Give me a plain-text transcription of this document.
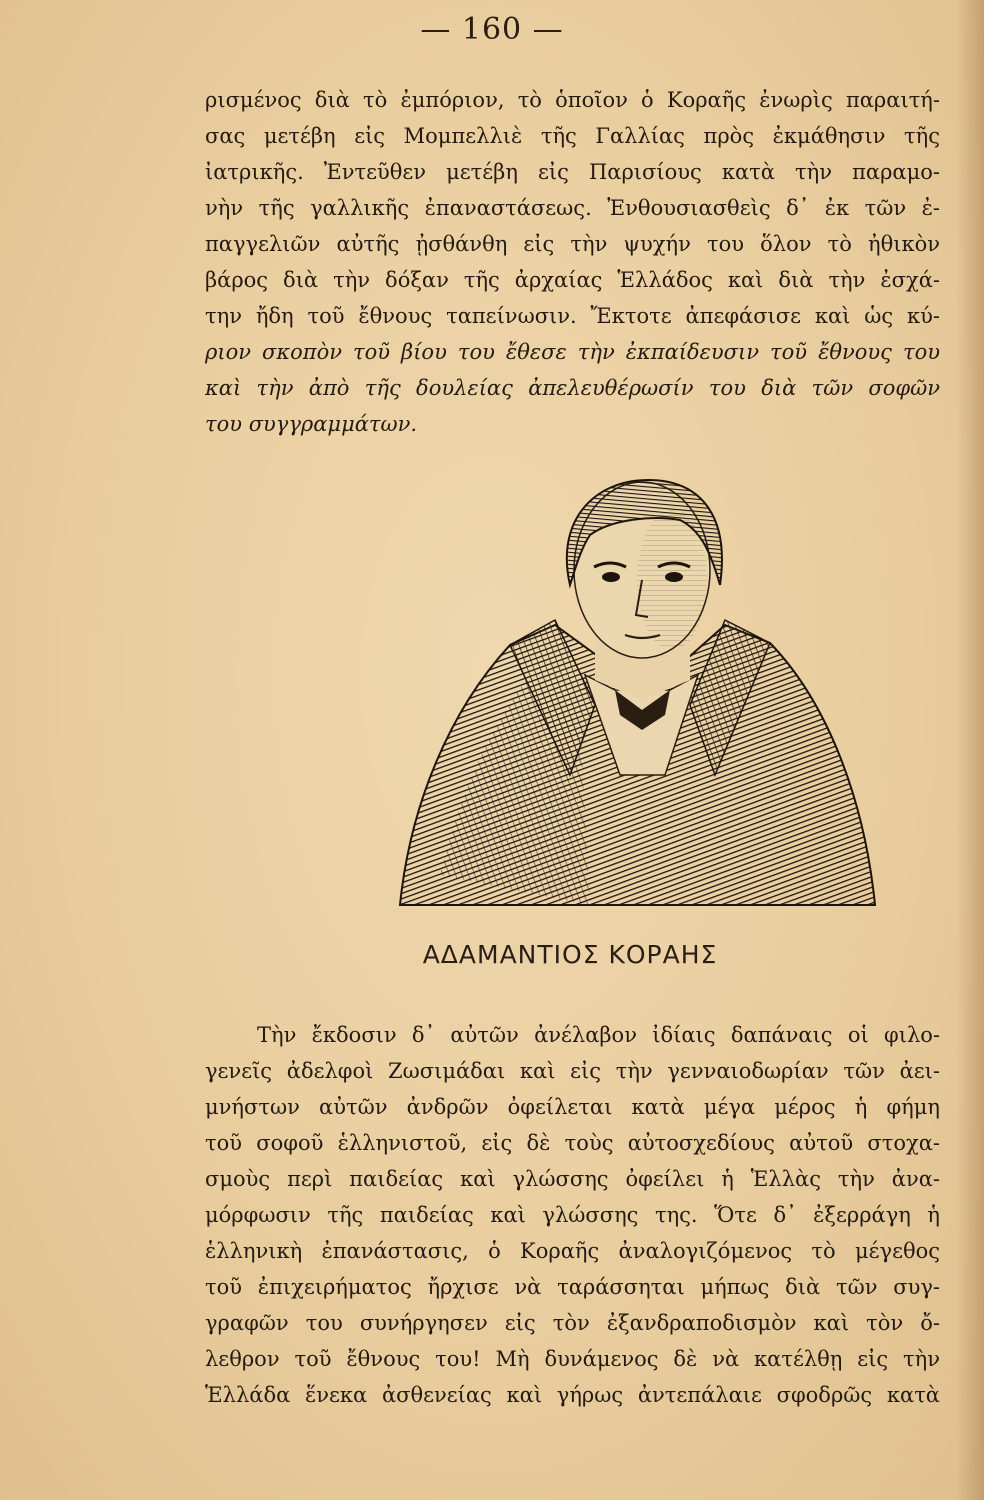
— 160 —
ρισμένος διὰ τὸ ἐμπόριον, τὸ ὁποῖον ὁ Κοραῆς ἐνωρὶς παραιτή-
σας μετέβη εἰς Μομπελλιὲ τῆς Γαλλίας πρὸς ἐκμάθησιν τῆς
ἰατρικῆς. Ἐντεῦθεν μετέβη εἰς Παρισίους κατὰ τὴν παραμο-
νὴν τῆς γαλλικῆς ἐπαναστάσεως. Ἐνθουσιασθεὶς δ᾽ ἐκ τῶν ἐ-
παγγελιῶν αὐτῆς ᾐσθάνθη εἰς τὴν ψυχήν του ὅλον τὸ ἠθικὸν
βάρος διὰ τὴν δόξαν τῆς ἀρχαίας Ἑλλάδος καὶ διὰ τὴν ἐσχά-
την ἤδη τοῦ ἔθνους ταπείνωσιν. Ἔκτοτε ἀπεφάσισε καὶ ὡς κύ-
ριον σκοπὸν τοῦ βίου του ἔθεσε τὴν ἐκπαίδευσιν τοῦ ἔθνους του
καὶ τὴν ἀπὸ τῆς δουλείας ἀπελευθέρωσίν του διὰ τῶν σοφῶν
του συγγραμμάτων.
ΑΔΑΜΑΝΤΙΟΣ ΚΟΡΑΗΣ
Τὴν ἔκδοσιν δ᾽ αὐτῶν ἀνέλαβον ἰδίαις δαπάναις οἱ φιλο-
γενεῖς ἀδελφοὶ Ζωσιμάδαι καὶ εἰς τὴν γενναιοδωρίαν τῶν ἀει-
μνήστων αὐτῶν ἀνδρῶν ὀφείλεται κατὰ μέγα μέρος ἡ φήμη
τοῦ σοφοῦ ἑλληνιστοῦ, εἰς δὲ τοὺς αὐτοσχεδίους αὐτοῦ στοχα-
σμοὺς περὶ παιδείας καὶ γλώσσης ὀφείλει ἡ Ἑλλὰς τὴν ἀνα-
μόρφωσιν τῆς παιδείας καὶ γλώσσης της. Ὅτε δ᾽ ἐξερράγη ἡ
ἑλληνικὴ ἐπανάστασις, ὁ Κοραῆς ἀναλογιζόμενος τὸ μέγεθος
τοῦ ἐπιχειρήματος ἤρχισε νὰ ταράσσηται μήπως διὰ τῶν συγ-
γραφῶν του συνήργησεν εἰς τὸν ἐξανδραποδισμὸν καὶ τὸν ὄ-
λεθρον τοῦ ἔθνους του! Μὴ δυνάμενος δὲ νὰ κατέλθῃ εἰς τὴν
Ἑλλάδα ἕνεκα ἀσθενείας καὶ γήρως ἀντεπάλαιε σφοδρῶς κατὰ
